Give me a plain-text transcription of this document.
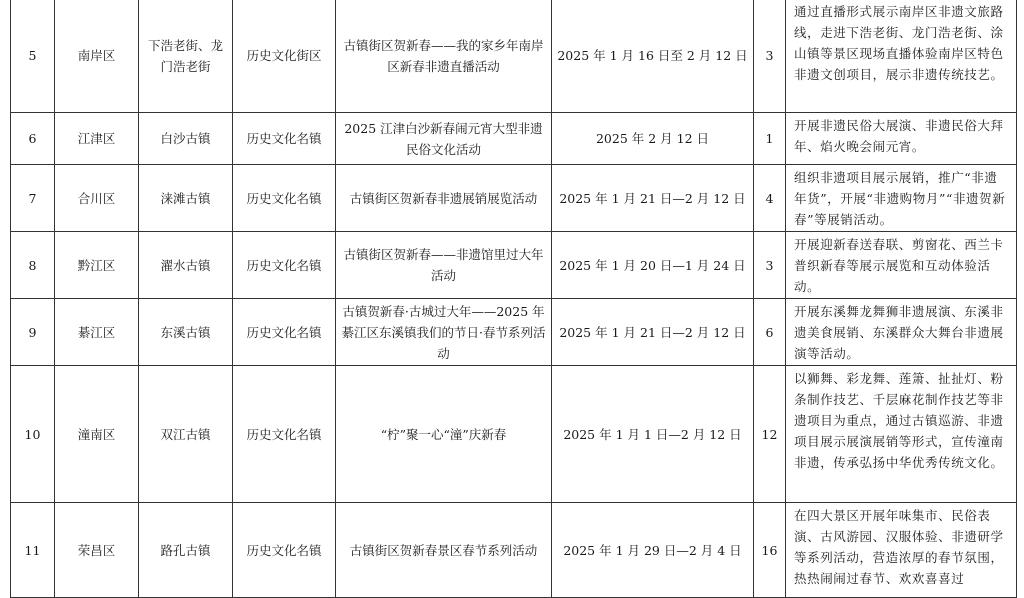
5	南岸区	下浩老街、龙门浩老街	历史文化街区	古镇街区贺新春——我的家乡年南岸区新春非遗直播活动	2025 年 1 月 16 日至 2 月 12 日	3	通过直播形式展示南岸区非遗文旅路线，走进下浩老街、龙门浩老街、涂山镇等景区现场直播体验南岸区特色非遗文创项目，展示非遗传统技艺。
6	江津区	白沙古镇	历史文化名镇	2025 江津白沙新春闹元宵大型非遗民俗文化活动	2025 年 2 月 12 日	1	开展非遗民俗大展演、非遗民俗大拜年、焰火晚会闹元宵。
7	合川区	涞滩古镇	历史文化名镇	古镇街区贺新春非遗展销展览活动	2025 年 1 月 21 日—2 月 12 日	4	组织非遗项目展示展销，推广“非遗年货”，开展“非遗购物月”“非遗贺新春”等展销活动。
8	黔江区	濯水古镇	历史文化名镇	古镇街区贺新春——非遗馆里过大年活动	2025 年 1 月 20 日—1 月 24 日	3	开展迎新春送春联、剪窗花、西兰卡普织新春等展示展览和互动体验活动。
9	綦江区	东溪古镇	历史文化名镇	古镇贺新春·古城过大年——2025 年綦江区东溪镇我们的节日·春节系列活动	2025 年 1 月 21 日—2 月 12 日	6	开展东溪舞龙舞狮非遗展演、东溪非遗美食展销、东溪群众大舞台非遗展演等活动。
10	潼南区	双江古镇	历史文化名镇	“柠”聚一心“潼”庆新春	2025 年 1 月 1 日—2 月 12 日	12	以狮舞、彩龙舞、莲箫、扯扯灯、粉条制作技艺、千层麻花制作技艺等非遗项目为重点，通过古镇巡游、非遗项目展示展演展销等形式，宣传潼南非遗，传承弘扬中华优秀传统文化。
11	荣昌区	路孔古镇	历史文化名镇	古镇街区贺新春景区春节系列活动	2025 年 1 月 29 日—2 月 4 日	16	在四大景区开展年味集市、民俗表演、古风游园、汉服体验、非遗研学等系列活动，营造浓厚的春节氛围，热热闹闹过春节、欢欢喜喜过
